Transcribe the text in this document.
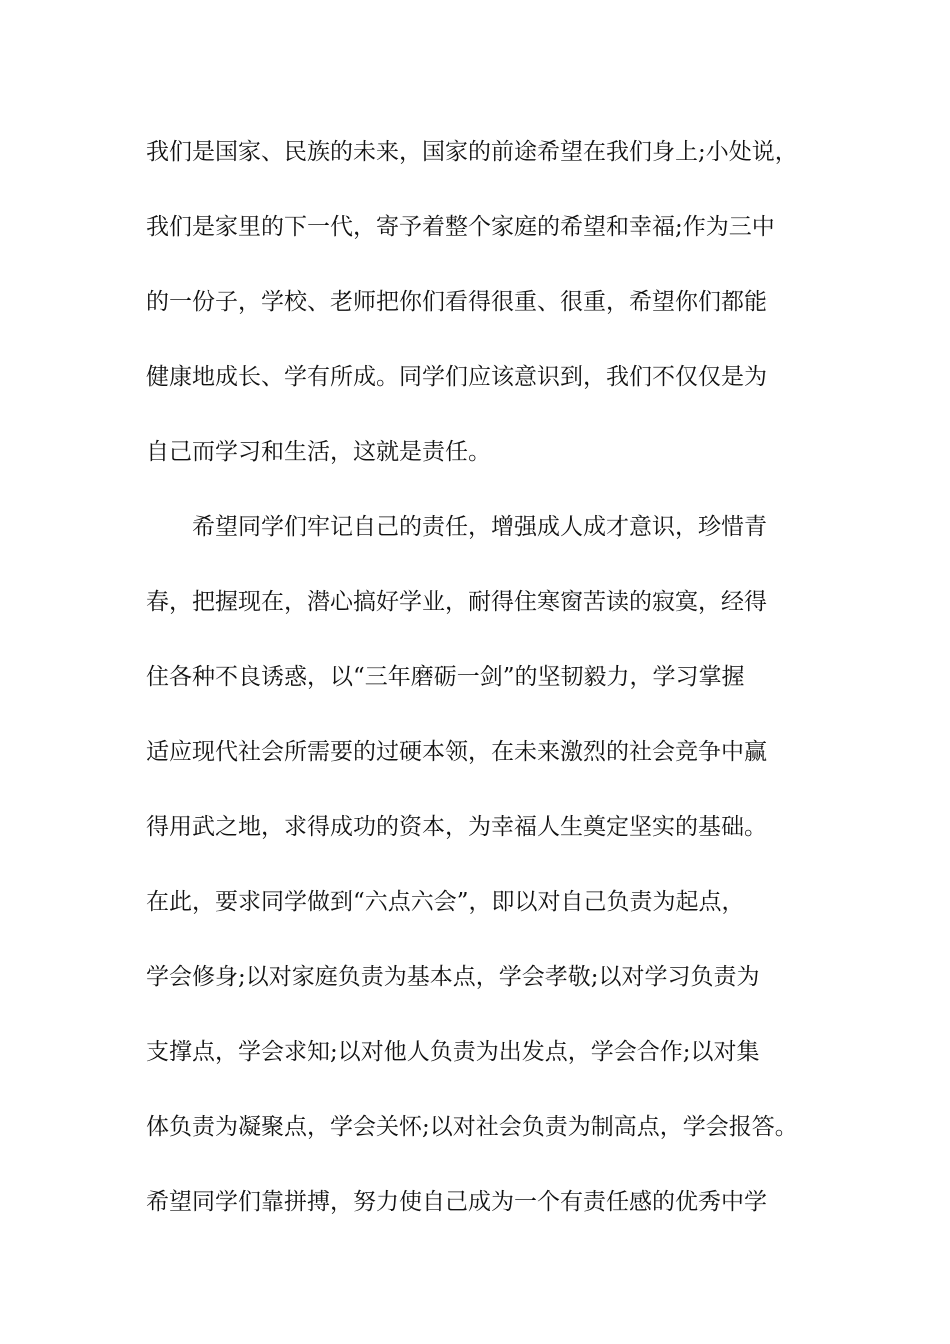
我们是国家、民族的未来，国家的前途希望在我们身上;小处说，
我们是家里的下一代，寄予着整个家庭的希望和幸福;作为三中
的一份子，学校、老师把你们看得很重、很重，希望你们都能
健康地成长、学有所成。同学们应该意识到，我们不仅仅是为
自己而学习和生活，这就是责任。
希望同学们牢记自己的责任，增强成人成才意识，珍惜青
春，把握现在，潜心搞好学业，耐得住寒窗苦读的寂寞，经得
住各种不良诱惑，以“三年磨砺一剑”的坚韧毅力，学习掌握
适应现代社会所需要的过硬本领，在未来激烈的社会竞争中赢
得用武之地，求得成功的资本，为幸福人生奠定坚实的基础。
在此，要求同学做到“六点六会”，即以对自己负责为起点，
学会修身;以对家庭负责为基本点，学会孝敬;以对学习负责为
支撑点，学会求知;以对他人负责为出发点，学会合作;以对集
体负责为凝聚点，学会关怀;以对社会负责为制高点，学会报答。
希望同学们靠拼搏，努力使自己成为一个有责任感的优秀中学
